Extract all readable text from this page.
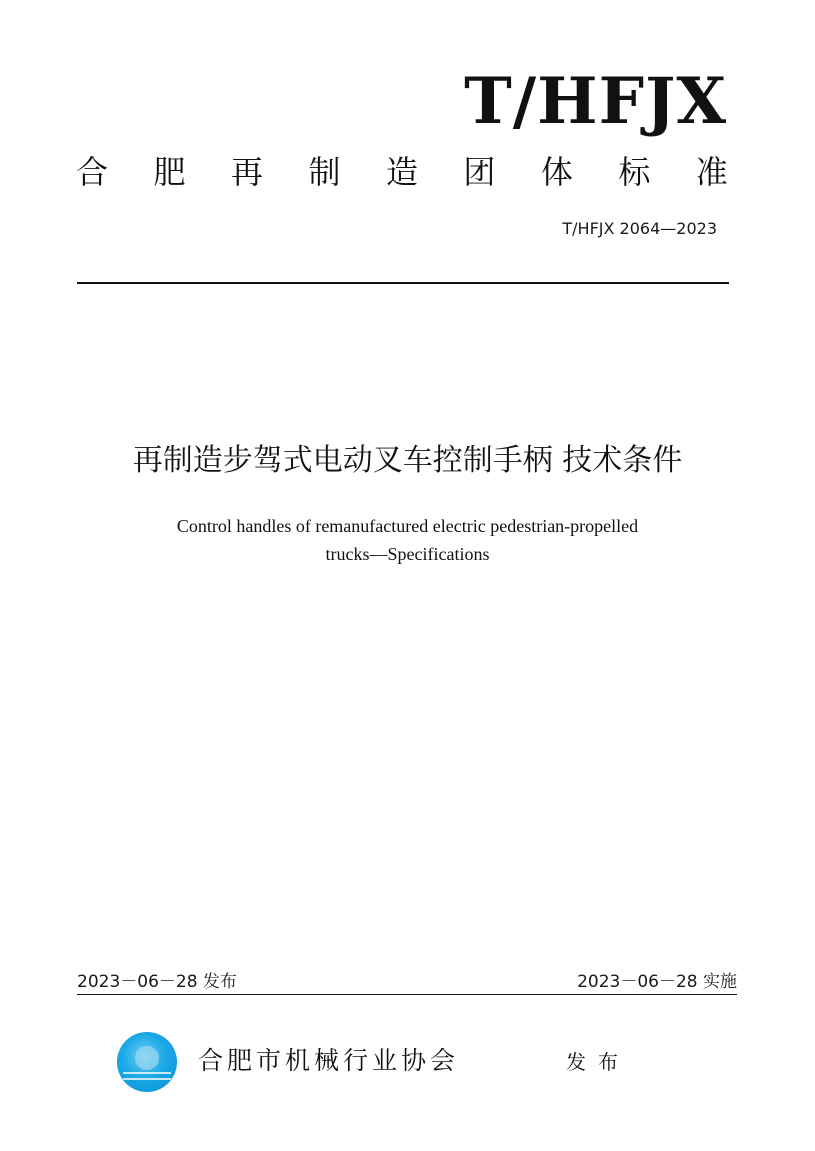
T/HFJX
合 肥 再 制 造 团 体 标 准
T/HFJX 2064—2023
再制造步驾式电动叉车控制手柄 技术条件
Control handles of remanufactured electric pedestrian-propelled
trucks—Specifications
2023－06－28 发布	2023－06－28 实施
合肥市机械行业协会	发布
